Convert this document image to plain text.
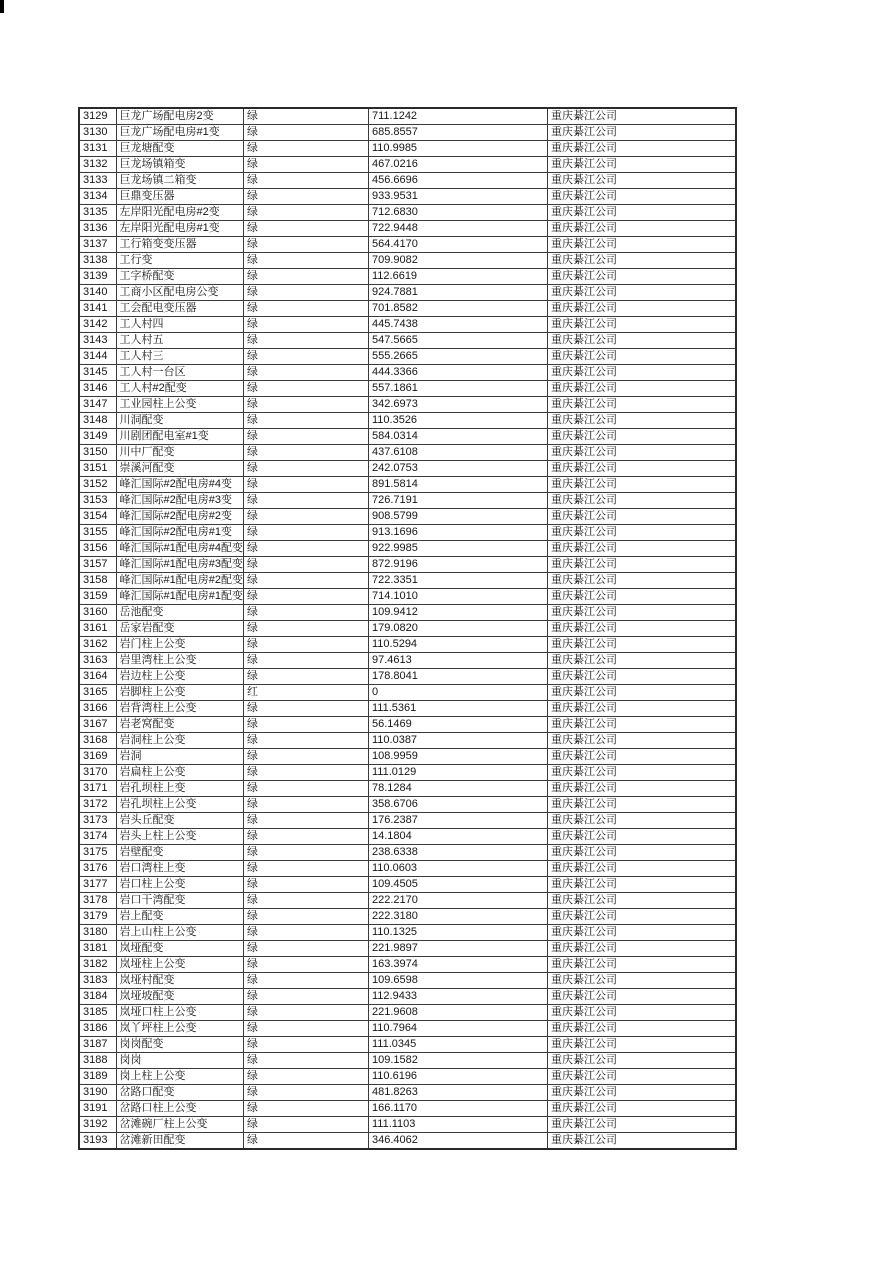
3129	巨龙广场配电房2变	绿	711.1242	重庆綦江公司
3130	巨龙广场配电房#1变	绿	685.8557	重庆綦江公司
3131	巨龙塘配变	绿	110.9985	重庆綦江公司
3132	巨龙场镇箱变	绿	467.0216	重庆綦江公司
3133	巨龙场镇二箱变	绿	456.6696	重庆綦江公司
3134	巨鼎变压器	绿	933.9531	重庆綦江公司
3135	左岸阳光配电房#2变	绿	712.6830	重庆綦江公司
3136	左岸阳光配电房#1变	绿	722.9448	重庆綦江公司
3137	工行箱变变压器	绿	564.4170	重庆綦江公司
3138	工行变	绿	709.9082	重庆綦江公司
3139	工字桥配变	绿	112.6619	重庆綦江公司
3140	工商小区配电房公变	绿	924.7881	重庆綦江公司
3141	工会配电变压器	绿	701.8582	重庆綦江公司
3142	工人村四	绿	445.7438	重庆綦江公司
3143	工人村五	绿	547.5665	重庆綦江公司
3144	工人村三	绿	555.2665	重庆綦江公司
3145	工人村一台区	绿	444.3366	重庆綦江公司
3146	工人村#2配变	绿	557.1861	重庆綦江公司
3147	工业园柱上公变	绿	342.6973	重庆綦江公司
3148	川洞配变	绿	110.3526	重庆綦江公司
3149	川剧团配电室#1变	绿	584.0314	重庆綦江公司
3150	川中厂配变	绿	437.6108	重庆綦江公司
3151	崇溪河配变	绿	242.0753	重庆綦江公司
3152	峰汇国际#2配电房#4变	绿	891.5814	重庆綦江公司
3153	峰汇国际#2配电房#3变	绿	726.7191	重庆綦江公司
3154	峰汇国际#2配电房#2变	绿	908.5799	重庆綦江公司
3155	峰汇国际#2配电房#1变	绿	913.1696	重庆綦江公司
3156	峰汇国际#1配电房#4配变	绿	922.9985	重庆綦江公司
3157	峰汇国际#1配电房#3配变	绿	872.9196	重庆綦江公司
3158	峰汇国际#1配电房#2配变	绿	722.3351	重庆綦江公司
3159	峰汇国际#1配电房#1配变	绿	714.1010	重庆綦江公司
3160	岳池配变	绿	109.9412	重庆綦江公司
3161	岳家岩配变	绿	179.0820	重庆綦江公司
3162	岩门柱上公变	绿	110.5294	重庆綦江公司
3163	岩里湾柱上公变	绿	97.4613	重庆綦江公司
3164	岩边柱上公变	绿	178.8041	重庆綦江公司
3165	岩脚柱上公变	红	0	重庆綦江公司
3166	岩背湾柱上公变	绿	111.5361	重庆綦江公司
3167	岩老窝配变	绿	56.1469	重庆綦江公司
3168	岩洞柱上公变	绿	110.0387	重庆綦江公司
3169	岩洞	绿	108.9959	重庆綦江公司
3170	岩扁柱上公变	绿	111.0129	重庆綦江公司
3171	岩孔坝柱上变	绿	78.1284	重庆綦江公司
3172	岩孔坝柱上公变	绿	358.6706	重庆綦江公司
3173	岩头丘配变	绿	176.2387	重庆綦江公司
3174	岩头上柱上公变	绿	14.1804	重庆綦江公司
3175	岩壁配变	绿	238.6338	重庆綦江公司
3176	岩口湾柱上变	绿	110.0603	重庆綦江公司
3177	岩口柱上公变	绿	109.4505	重庆綦江公司
3178	岩口干湾配变	绿	222.2170	重庆綦江公司
3179	岩上配变	绿	222.3180	重庆綦江公司
3180	岩上山柱上公变	绿	110.1325	重庆綦江公司
3181	岚垭配变	绿	221.9897	重庆綦江公司
3182	岚垭柱上公变	绿	163.3974	重庆綦江公司
3183	岚垭村配变	绿	109.6598	重庆綦江公司
3184	岚垭坡配变	绿	112.9433	重庆綦江公司
3185	岚垭口柱上公变	绿	221.9608	重庆綦江公司
3186	岚丫坪柱上公变	绿	110.7964	重庆綦江公司
3187	岗岗配变	绿	111.0345	重庆綦江公司
3188	岗岗	绿	109.1582	重庆綦江公司
3189	岗上柱上公变	绿	110.6196	重庆綦江公司
3190	岔路口配变	绿	481.8263	重庆綦江公司
3191	岔路口柱上公变	绿	166.1170	重庆綦江公司
3192	岔滩碗厂柱上公变	绿	111.1103	重庆綦江公司
3193	岔滩新田配变	绿	346.4062	重庆綦江公司
